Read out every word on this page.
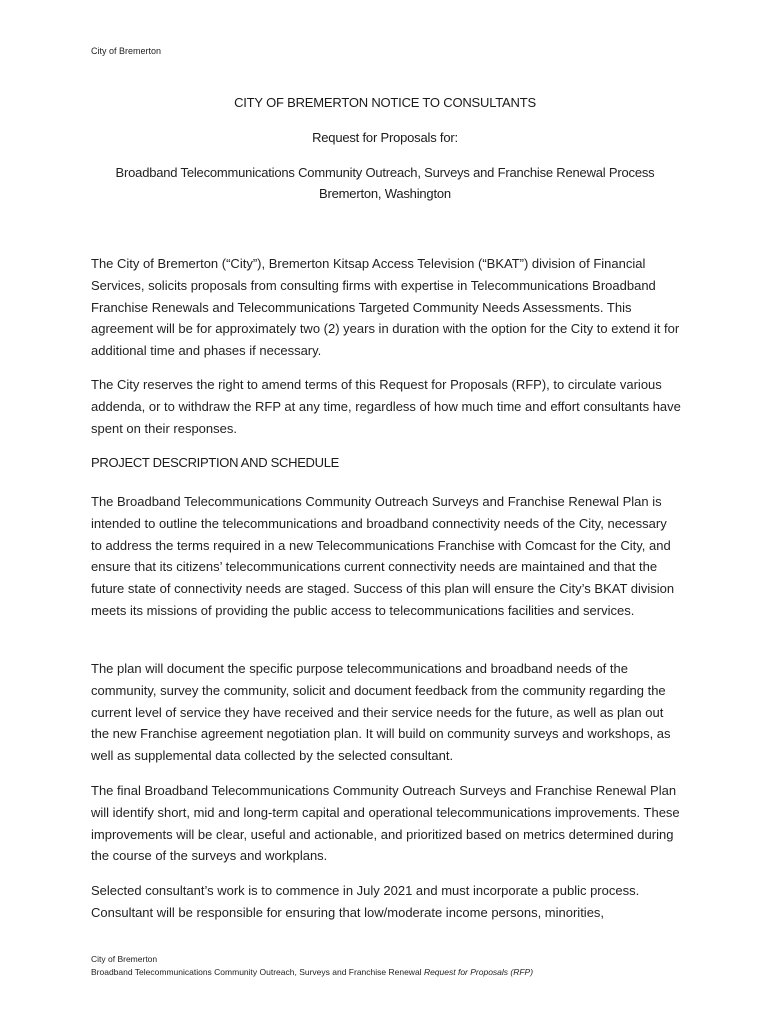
City of Bremerton
CITY OF BREMERTON NOTICE TO CONSULTANTS
Request for Proposals for:
Broadband Telecommunications Community Outreach, Surveys and Franchise Renewal Process
Bremerton, Washington

The City of Bremerton (“City”), Bremerton Kitsap Access Television (“BKAT”) division of Financial Services, solicits proposals from consulting firms with expertise in Telecommunications Broadband Franchise Renewals and Telecommunications Targeted Community Needs Assessments. This agreement will be for approximately two (2) years in duration with the option for the City to extend it for additional time and phases if necessary.

The City reserves the right to amend terms of this Request for Proposals (RFP), to circulate various addenda, or to withdraw the RFP at any time, regardless of how much time and effort consultants have spent on their responses.

PROJECT DESCRIPTION AND SCHEDULE

The Broadband Telecommunications Community Outreach Surveys and Franchise Renewal Plan is intended to outline the telecommunications and broadband connectivity needs of the City, necessary to address the terms required in a new Telecommunications Franchise with Comcast for the City, and ensure that its citizens’ telecommunications current connectivity needs are maintained and that the future state of connectivity needs are staged. Success of this plan will ensure the City’s BKAT division meets its missions of providing the public access to telecommunications facilities and services.

The plan will document the specific purpose telecommunications and broadband needs of the community, survey the community, solicit and document feedback from the community regarding the current level of service they have received and their service needs for the future, as well as plan out the new Franchise agreement negotiation plan. It will build on community surveys and workshops, as well as supplemental data collected by the selected consultant.

The final Broadband Telecommunications Community Outreach Surveys and Franchise Renewal Plan will identify short, mid and long-term capital and operational telecommunications improvements. These improvements will be clear, useful and actionable, and prioritized based on metrics determined during the course of the surveys and workplans.

Selected consultant’s work is to commence in July 2021 and must incorporate a public process. Consultant will be responsible for ensuring that low/moderate income persons, minorities,

City of Bremerton
Broadband Telecommunications Community Outreach, Surveys and Franchise Renewal Request for Proposals (RFP)
